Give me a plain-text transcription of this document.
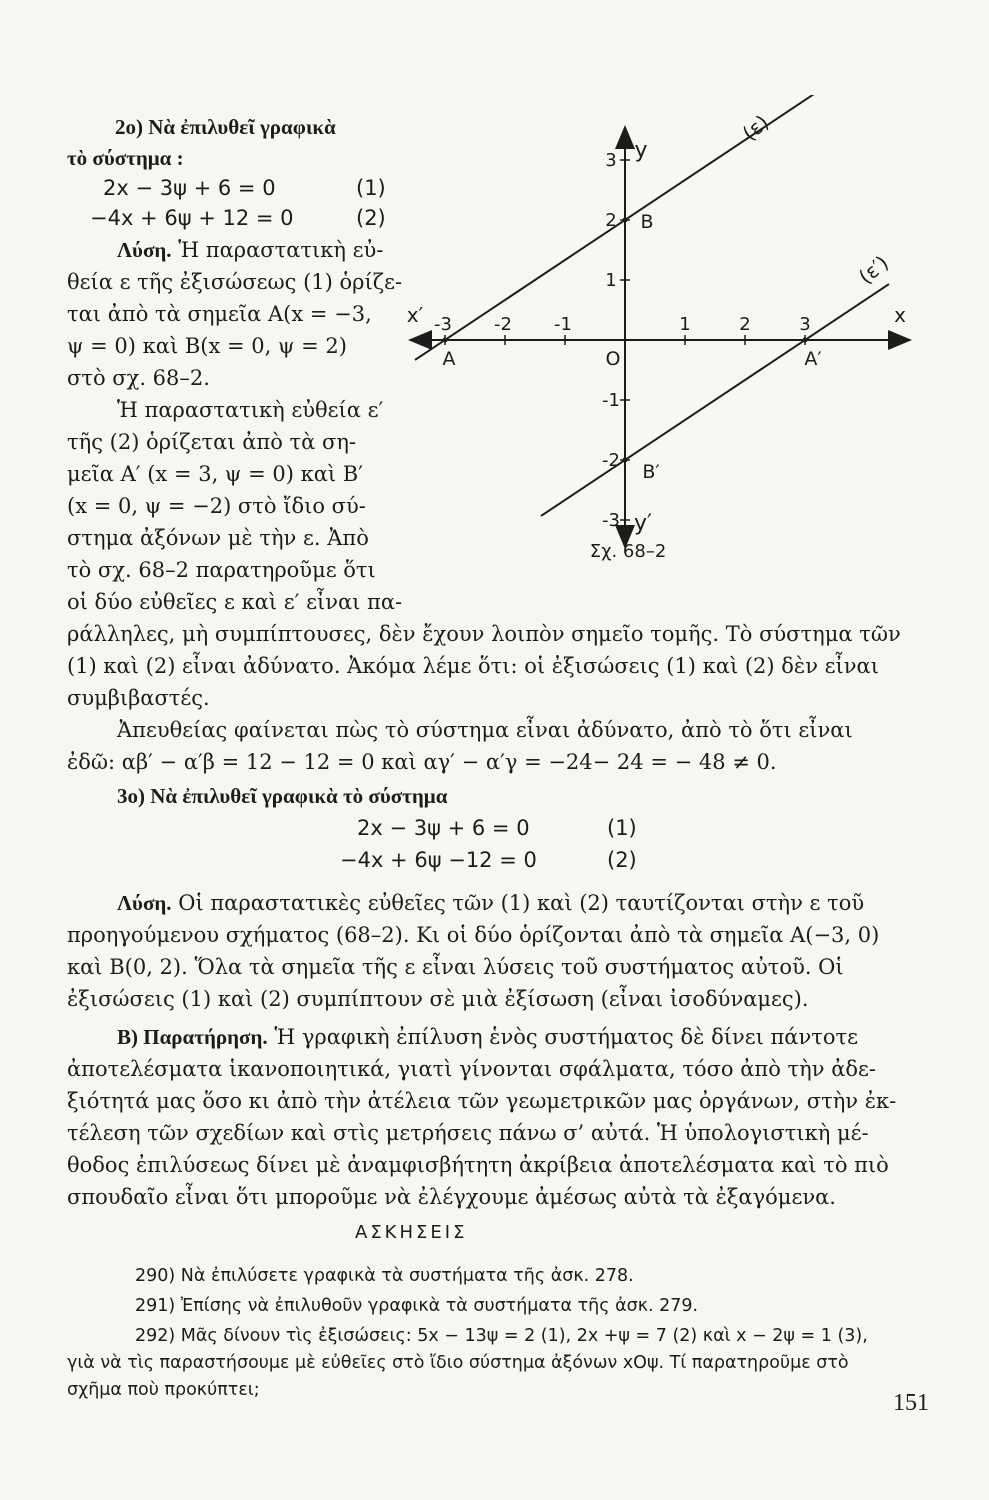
2ο) Νὰ ἐπιλυθεῖ γραφικὰ
τὸ σύστημα :
2x − 3ψ + 6 = 0	(1)
−4x + 6ψ + 12 = 0	(2)
Λύση. Ἡ παραστατικὴ εὐ-
θεία ε τῆς ἐξισώσεως (1) ὁρίζε-
ται ἀπὸ τὰ σημεῖα Α(x = −3,
ψ = 0) καὶ Β(x = 0, ψ = 2)
στὸ σχ. 68–2.
Ἡ παραστατικὴ εὐθεία ε′
τῆς (2) ὁρίζεται ἀπὸ τὰ ση-
μεῖα Α′ (x = 3, ψ = 0) καὶ Β′
(x = 0, ψ = −2) στὸ ἴδιο σύ-
στημα ἀξόνων μὲ τὴν ε. Ἀπὸ
τὸ σχ. 68–2 παρατηροῦμε ὅτι
οἱ δύο εὐθεῖες ε καὶ ε′ εἶναι πα-
ράλληλες, μὴ συμπίπτουσες, δὲν ἔχουν λοιπὸν σημεῖο τομῆς. Τὸ σύστημα τῶν
(1) καὶ (2) εἶναι ἀδύνατο. Ἀκόμα λέμε ὅτι: οἱ ἐξισώσεις (1) καὶ (2) δὲν εἶναι
συμβιβαστές.
Ἀπευθείας φαίνεται πὼς τὸ σύστημα εἶναι ἀδύνατο, ἀπὸ τὸ ὅτι εἶναι
ἐδῶ: αβ′ − α′β = 12 − 12 = 0 καὶ αγ′ − α′γ = −24− 24 = − 48 ≠ 0.
3ο) Νὰ ἐπιλυθεῖ γραφικὰ τὸ σύστημα
2x − 3ψ + 6 = 0	(1)
−4x + 6ψ −12 = 0	(2)
Λύση. Οἱ παραστατικὲς εὐθεῖες τῶν (1) καὶ (2) ταυτίζονται στὴν ε τοῦ
προηγούμενου σχήματος (68–2). Κι οἱ δύο ὁρίζονται ἀπὸ τὰ σημεῖα Α(−3, 0)
καὶ Β(0, 2). Ὅλα τὰ σημεῖα τῆς ε εἶναι λύσεις τοῦ συστήματος αὐτοῦ. Οἱ
ἐξισώσεις (1) καὶ (2) συμπίπτουν σὲ μιὰ ἐξίσωση (εἶναι ἰσοδύναμες).
Β) Παρατήρηση. Ἡ γραφικὴ ἐπίλυση ἑνὸς συστήματος δὲ δίνει πάντοτε
ἀποτελέσματα ἱκανοποιητικά, γιατὶ γίνονται σφάλματα, τόσο ἀπὸ τὴν ἀδε-
ξιότητά μας ὅσο κι ἀπὸ τὴν ἀτέλεια τῶν γεωμετρικῶν μας ὀργάνων, στὴν ἐκ-
τέλεση τῶν σχεδίων καὶ στὶς μετρήσεις πάνω σ’ αὐτά. Ἡ ὑπολογιστικὴ μέ-
θοδος ἐπιλύσεως δίνει μὲ ἀναμφισβήτητη ἀκρίβεια ἀποτελέσματα καὶ τὸ πιὸ
σπουδαῖο εἶναι ὅτι μποροῦμε νὰ ἐλέγχουμε ἀμέσως αὐτὰ τὰ ἐξαγόμενα.
ΑΣΚΗΣΕΙΣ
290) Νὰ ἐπιλύσετε γραφικὰ τὰ συστήματα τῆς ἀσκ. 278.
291) Ἐπίσης νὰ ἐπιλυθοῦν γραφικὰ τὰ συστήματα τῆς ἀσκ. 279.
292) Μᾶς δίνουν τὶς ἐξισώσεις: 5x − 13ψ = 2 (1), 2x +ψ = 7 (2) καὶ x − 2ψ = 1 (3),
γιὰ νὰ τὶς παραστήσουμε μὲ εὐθεῖες στὸ ἴδιο σύστημα ἀξόνων xOψ. Τί παρατηροῦμε στὸ
σχῆμα ποὺ προκύπτει;	151
-3 -2 -1	1	2	3
3
2
1
-1
-2
-3
A
B
A′
B′
O
x
x′
y
y′
(ε)
(ε′)
Σχ. 68–2
